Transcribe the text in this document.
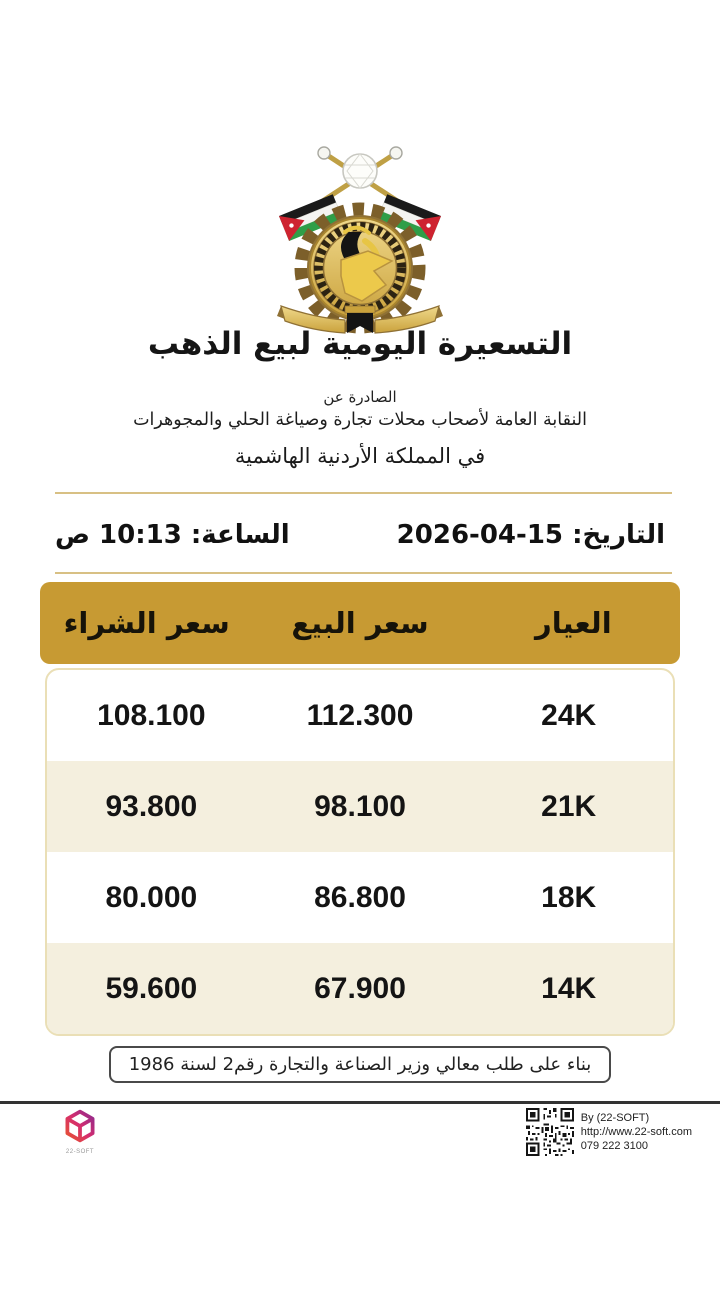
التسعيرة اليومية لبيع الذهب
الصادرة عن
النقابة العامة لأصحاب محلات تجارة وصياغة الحلي والمجوهرات
في المملكة الأردنية الهاشمية
التاريخ: 15-04-2026
الساعة: 10:13 ص
العيار
سعر البيع
سعر الشراء
24K
112.300
108.100
21K
98.100
93.800
18K
86.800
80.000
14K
67.900
59.600
بناء على طلب معالي وزير الصناعة والتجارة رقم2 لسنة 1986
22-SOFT
By (22-SOFT)
http://www.22-soft.com
079 222 3100
